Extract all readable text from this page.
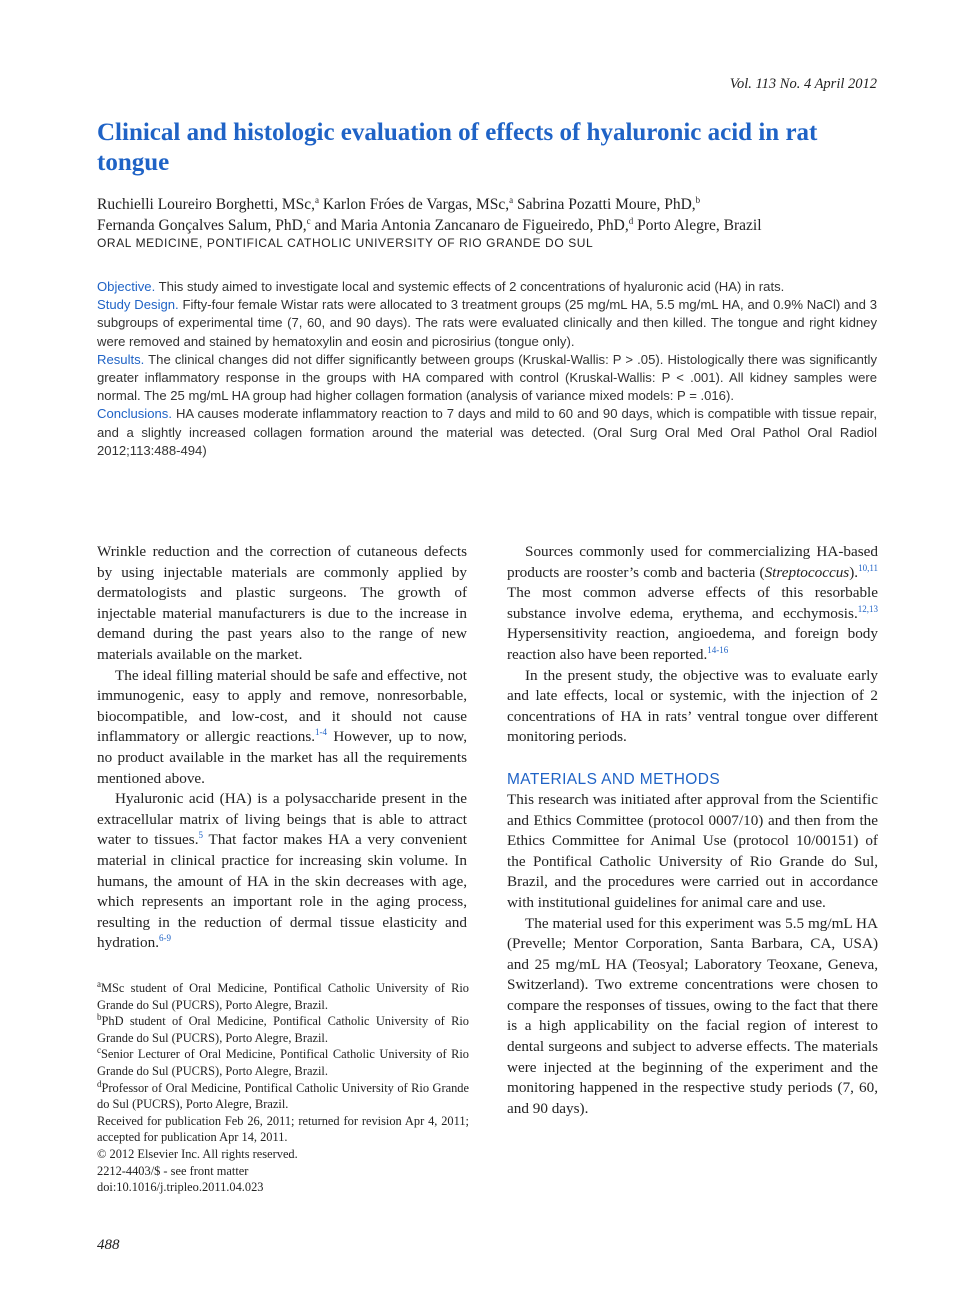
Vol. 113 No. 4 April 2012
Clinical and histologic evaluation of effects of hyaluronic acid in rat tongue
Ruchielli Loureiro Borghetti, MSc,$^a$ Karlon Fróes de Vargas, MSc,$^a$ Sabrina Pozatti Moure, PhD,$^b$
Fernanda Gonçalves Salum, PhD,$^c$ and Maria Antonia Zancanaro de Figueiredo, PhD,$^d$ Porto Alegre, Brazil
ORAL MEDICINE, PONTIFICAL CATHOLIC UNIVERSITY OF RIO GRANDE DO SUL

Objective. This study aimed to investigate local and systemic effects of 2 concentrations of hyaluronic acid (HA) in rats.

Study Design. Fifty-four female Wistar rats were allocated to 3 treatment groups (25 mg/mL HA, 5.5 mg/mL HA, and 0.9% NaCl) and 3 subgroups of experimental time (7, 60, and 90 days). The rats were evaluated clinically and then killed. The tongue and right kidney were removed and stained by hematoxylin and eosin and picrosirius (tongue only).

Results. The clinical changes did not differ significantly between groups (Kruskal-Wallis: P > .05). Histologically there was significantly greater inflammatory response in the groups with HA compared with control (Kruskal-Wallis: P < .001). All kidney samples were normal. The 25 mg/mL HA group had higher collagen formation (analysis of variance mixed models: P = .016).

Conclusions. HA causes moderate inflammatory reaction to 7 days and mild to 60 and 90 days, which is compatible with tissue repair, and a slightly increased collagen formation around the material was detected. (Oral Surg Oral Med Oral Pathol Oral Radiol 2012;113:488-494)

Wrinkle reduction and the correction of cutaneous defects by using injectable materials are commonly applied by dermatologists and plastic surgeons. The growth of injectable material manufacturers is due to the increase in demand during the past years also to the range of new materials available on the market.

The ideal filling material should be safe and effective, not immunogenic, easy to apply and remove, nonresorbable, biocompatible, and low-cost, and it should not cause inflammatory or allergic reactions.$^{1-4}$ However, up to now, no product available in the market has all the requirements mentioned above.

Hyaluronic acid (HA) is a polysaccharide present in the extracellular matrix of living beings that is able to attract water to tissues.$^5$ That factor makes HA a very convenient material in clinical practice for increasing skin volume. In humans, the amount of HA in the skin decreases with age, which represents an important role in the aging process, resulting in the reduction of dermal tissue elasticity and hydration.$^{6-9}$

$^a$MSc student of Oral Medicine, Pontifical Catholic University of Rio Grande do Sul (PUCRS), Porto Alegre, Brazil.
$^b$PhD student of Oral Medicine, Pontifical Catholic University of Rio Grande do Sul (PUCRS), Porto Alegre, Brazil.
$^c$Senior Lecturer of Oral Medicine, Pontifical Catholic University of Rio Grande do Sul (PUCRS), Porto Alegre, Brazil.
$^d$Professor of Oral Medicine, Pontifical Catholic University of Rio Grande do Sul (PUCRS), Porto Alegre, Brazil.
Received for publication Feb 26, 2011; returned for revision Apr 4, 2011; accepted for publication Apr 14, 2011.
© 2012 Elsevier Inc. All rights reserved.
2212-4403/$ - see front matter
doi:10.1016/j.tripleo.2011.04.023

Sources commonly used for commercializing HA-based products are rooster’s comb and bacteria (Streptococcus).$^{10,11}$ The most common adverse effects of this resorbable substance involve edema, erythema, and ecchymosis.$^{12,13}$ Hypersensitivity reaction, angioedema, and foreign body reaction also have been reported.$^{14-16}$

In the present study, the objective was to evaluate early and late effects, local or systemic, with the injection of 2 concentrations of HA in rats’ ventral tongue over different monitoring periods.

MATERIALS AND METHODS

This research was initiated after approval from the Scientific and Ethics Committee (protocol 0007/10) and then from the Ethics Committee for Animal Use (protocol 10/00151) of the Pontifical Catholic University of Rio Grande do Sul, Brazil, and the procedures were carried out in accordance with institutional guidelines for animal care and use.

The material used for this experiment was 5.5 mg/mL HA (Prevelle; Mentor Corporation, Santa Barbara, CA, USA) and 25 mg/mL HA (Teosyal; Laboratory Teoxane, Geneva, Switzerland). Two extreme concentrations were chosen to compare the responses of tissues, owing to the fact that there is a high applicability on the facial region of interest to dental surgeons and subject to adverse effects. The materials were injected at the beginning of the experiment and the monitoring happened in the respective study periods (7, 60, and 90 days).

488
